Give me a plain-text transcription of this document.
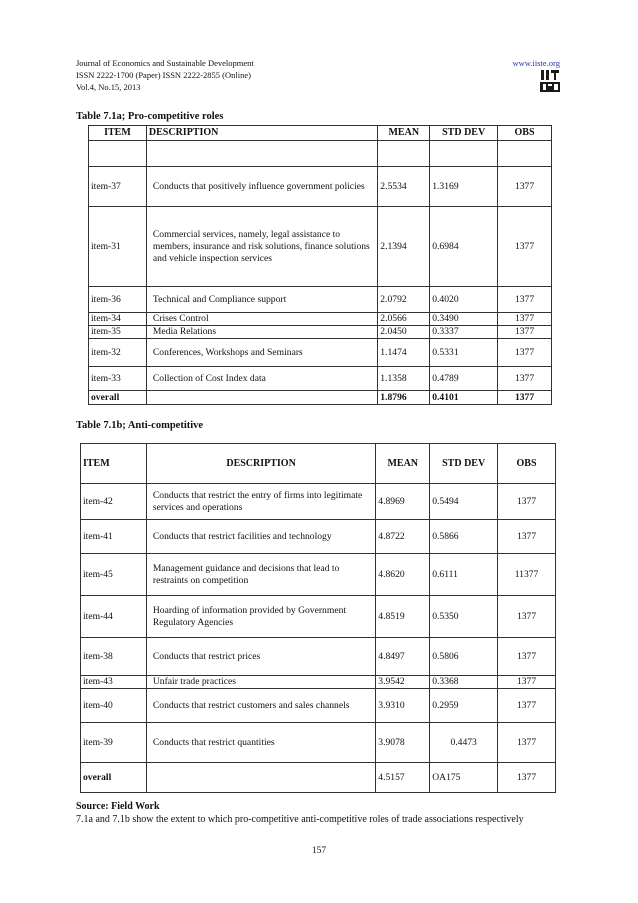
Journal of Economics and Sustainable Development
ISSN 2222-1700 (Paper) ISSN 2222-2855 (Online)
Vol.4, No.15, 2013
www.iiste.org
Table 7.1a; Pro-competitive roles
ITEM	DESCRIPTION	MEAN	STD DEV	OBS

item-37	Conducts that positively influence government policies	2.5534	1.3169	1377
item-31	Commercial services, namely, legal assistance to members, insurance and risk solutions, finance solutions and vehicle inspection services	2.1394	0.6984	1377
item-36	Technical and Compliance support	2.0792	0.4020	1377
item-34	Crises Control	2.0566	0.3490	1377
item-35	Media Relations	2.0450	0.3337	1377
item-32	Conferences, Workshops and Seminars	1.1474	0.5331	1377
item-33	Collection of Cost Index data	1.1358	0.4789	1377
overall		1.8796	0.4101	1377
Table 7.1b; Anti-competitive
ITEM	DESCRIPTION	MEAN	STD DEV	OBS
item-42	Conducts that restrict the entry of firms into legitimate services and operations	4.8969	0.5494	1377
item-41	Conducts that restrict facilities and technology	4.8722	0.5866	1377
item-45	Management guidance and decisions that lead to restraints on competition	4.8620	0.6111	11377
item-44	Hoarding of information provided by Government Regulatory Agencies	4.8519	0.5350	1377
item-38	Conducts that restrict prices	4.8497	0.5806	1377
item-43	Unfair trade practices	3.9542	0.3368	1377
item-40	Conducts that restrict customers and sales channels	3.9310	0.2959	1377
item-39	Conducts that restrict quantities	3.9078	0.4473	1377
overall		4.5157	OA175	1377
Source: Field Work
7.1a and 7.1b show the extent to which pro-competitive anti-competitive roles of trade associations respectively
157
